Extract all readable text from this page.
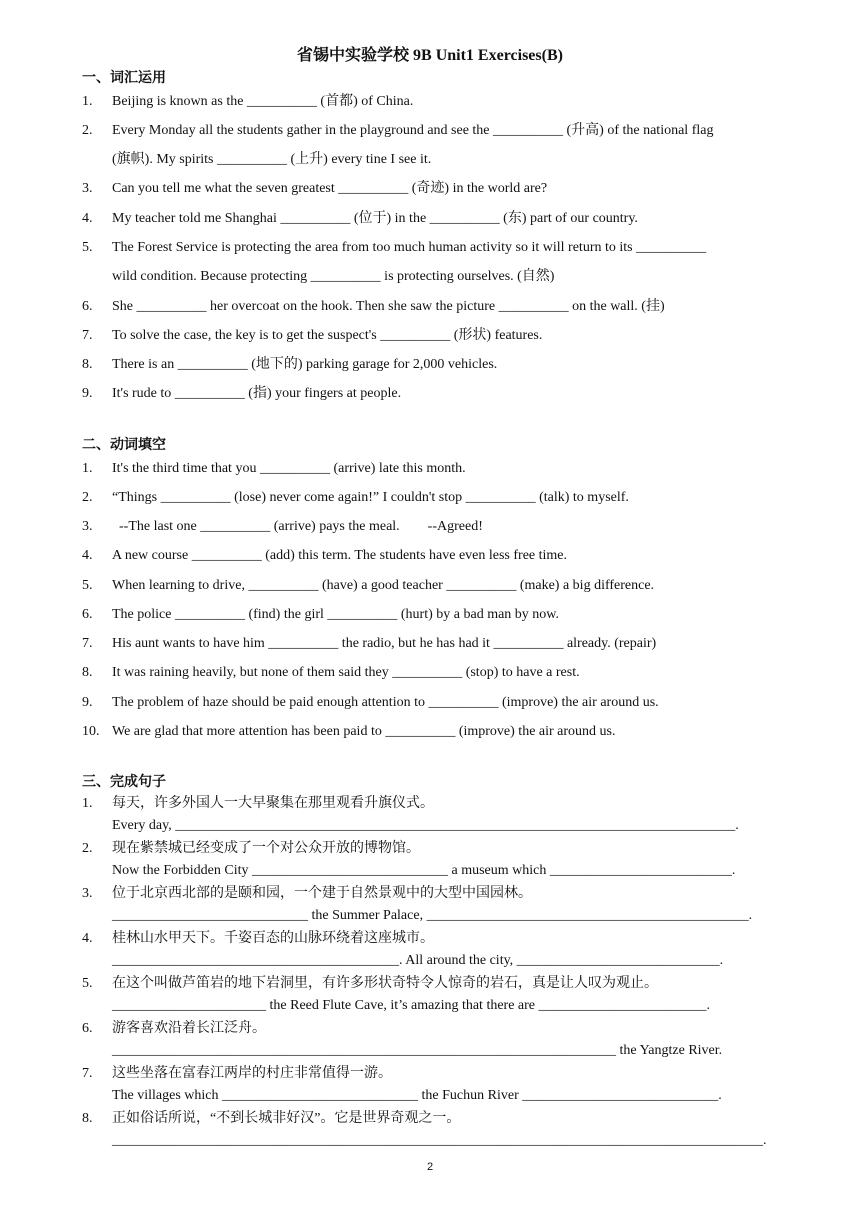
省锡中实验学校 9B Unit1 Exercises(B)
一、词汇运用
1. Beijing is known as the __________ (首都) of China.
2. Every Monday all the students gather in the playground and see the __________ (升高) of the national flag
(旗帜). My spirits __________ (上升) every tine I see it.
3. Can you tell me what the seven greatest __________ (奇迹) in the world are?
4. My teacher told me Shanghai __________ (位于) in the __________ (东) part of our country.
5. The Forest Service is protecting the area from too much human activity so it will return to its __________
wild condition. Because protecting __________ is protecting ourselves. (自然)
6. She __________ her overcoat on the hook. Then she saw the picture __________ on the wall. (挂)
7. To solve the case, the key is to get the suspect's __________ (形状) features.
8. There is an __________ (地下的) parking garage for 2,000 vehicles.
9. It's rude to __________ (指) your fingers at people.
二、动词填空
1. It's the third time that you __________ (arrive) late this month.
2. “Things __________ (lose) never come again!” I couldn't stop __________ (talk) to myself.
3. --The last one __________ (arrive) pays the meal.        --Agreed!
4. A new course __________ (add) this term. The students have even less free time.
5. When learning to drive, __________ (have) a good teacher __________ (make) a big difference.
6. The police __________ (find) the girl __________ (hurt) by a bad man by now.
7. His aunt wants to have him __________ the radio, but he has had it __________ already. (repair)
8. It was raining heavily, but none of them said they __________ (stop) to have a rest.
9. The problem of haze should be paid enough attention to __________ (improve) the air around us.
10. We are glad that more attention has been paid to __________ (improve) the air around us.
三、完成句子
1. 每天，许多外国人一大早聚集在那里观看升旗仪式。
Every day, ________________________________________________________________________________.
2. 现在紫禁城已经变成了一个对公众开放的博物馆。
Now the Forbidden City ____________________________ a museum which __________________________.
3. 位于北京西北部的是颐和园，一个建于自然景观中的大型中国园林。
____________________________ the Summer Palace, ______________________________________________.
4. 桂林山水甲天下。千姿百态的山脉环绕着这座城市。
_________________________________________. All around the city, _____________________________.
5. 在这个叫做芦笛岩的地下岩洞里，有许多形状奇特令人惊奇的岩石，真是让人叹为观止。
______________________ the Reed Flute Cave, it’s amazing that there are ________________________.
6. 游客喜欢沿着长江泛舟。
________________________________________________________________________ the Yangtze River.
7. 这些坐落在富春江两岸的村庄非常值得一游。
The villages which ____________________________ the Fuchun River ____________________________.
8. 正如俗话所说，“不到长城非好汉”。它是世界奇观之一。
_____________________________________________________________________________________________.
2
